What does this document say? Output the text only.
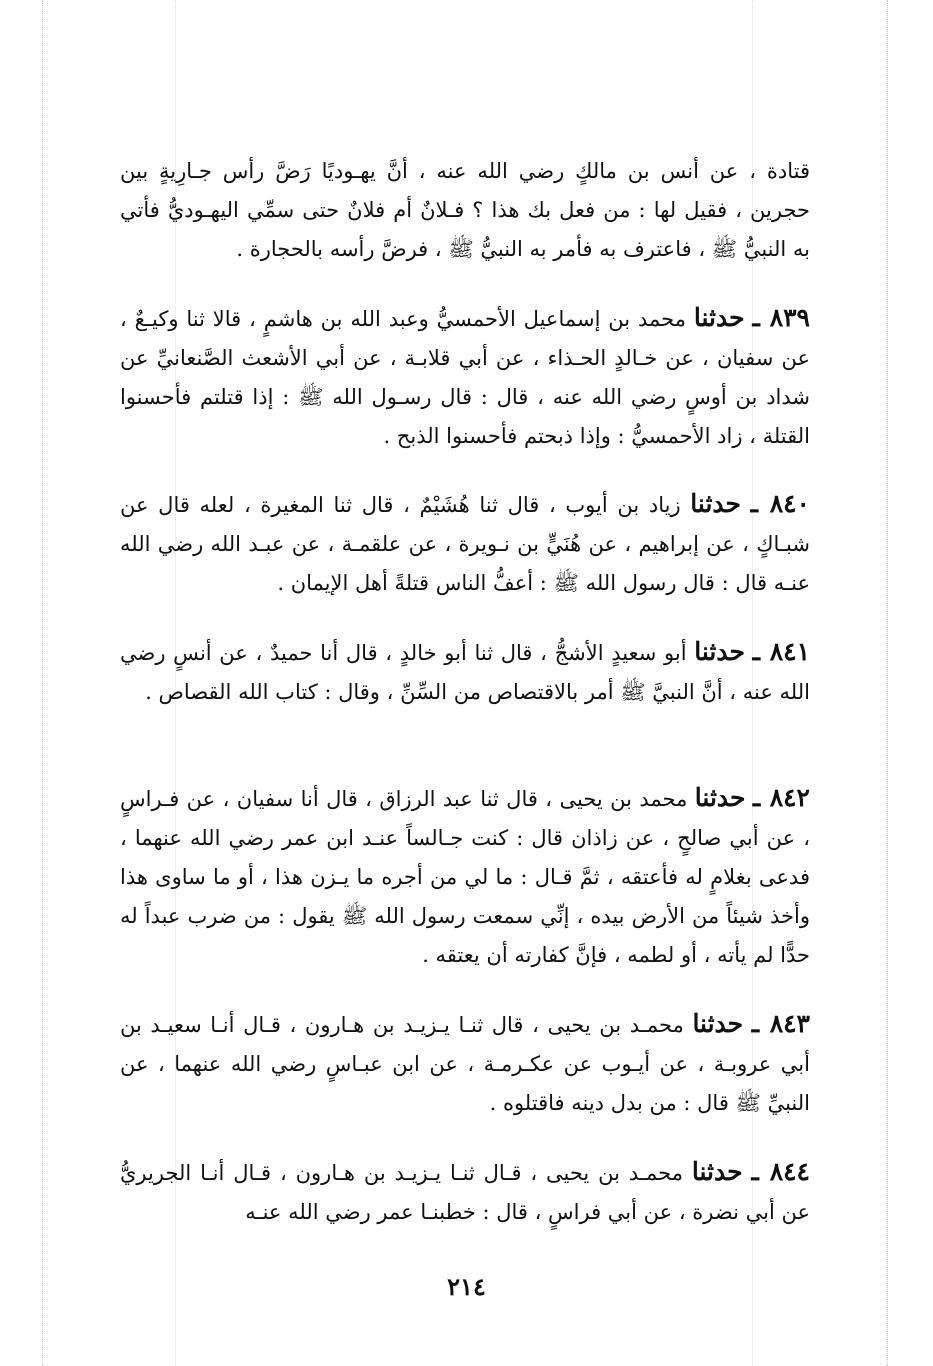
قتادة ، عن أنس بن مالكٍ رضي الله عنه ، أنَّ يهـوديًا رَضَّ رأس جـارِيةٍ بين حجرين ، فقيل لها : من فعل بك هذا ؟ فـلانٌ أم فلانٌ حتى سمِّي اليهـوديُّ فأتي به النبيُّ ﷺ ، فاعترف به فأمر به النبيُّ ﷺ ، فرضَّ رأسه بالحجارة .

٨٣٩ ـ حدثنا محمد بن إسماعيل الأحمسيُّ وعبد الله بن هاشمٍ ، قالا ثنا وكيـعٌ ، عن سفيان ، عن خـالدٍ الحـذاء ، عن أبي قلابـة ، عن أبي الأشعث الصَّنعانيِّ عن شداد بن أوسٍ رضي الله عنه ، قال : قال رسـول الله ﷺ : إذا قتلتم فأحسنوا القتلة ، زاد الأحمسيُّ : وإذا ذبحتم فأحسنوا الذبح .

٨٤٠ ـ حدثنا زياد بن أيوب ، قال ثنا هُشَيْمٌ ، قال ثنا المغيرة ، لعله قال عن شبـاكٍ ، عن إبراهيم ، عن هُنَيٍّ بن نـويرة ، عن علقمـة ، عن عبـد الله رضي الله عنـه قال : قال رسول الله ﷺ : أعفُّ الناس قتلةً أهل الإيمان .

٨٤١ ـ حدثنا أبو سعيدٍ الأشجُّ ، قال ثنا أبو خالدٍ ، قال أنا حميدٌ ، عن أنسٍ رضي الله عنه ، أنَّ النبيَّ ﷺ أمر بالاقتصاص من السِّنِّ ، وقال : كتاب الله القصاص .

٨٤٢ ـ حدثنا محمد بن يحيى ، قال ثنا عبد الرزاق ، قال أنا سفيان ، عن فـراسٍ ، عن أبي صالحٍ ، عن زاذان قال : كنت جـالساً عنـد ابن عمر رضي الله عنهما ، فدعى بغلامٍ له فأعتقه ، ثمَّ قـال : ما لي من أجره ما يـزن هذا ، أو ما ساوى هذا وأخذ شيئاً من الأرض بيده ، إنِّي سمعت رسول الله ﷺ يقول : من ضرب عبداً له حدًّا لم يأته ، أو لطمه ، فإنَّ كفارته أن يعتقه .

٨٤٣ ـ حدثنا محمـد بن يحيى ، قال ثنـا يـزيـد بن هـارون ، قـال أنـا سعيـد بن أبي عروبـة ، عن أيـوب عن عكـرمـة ، عن ابن عبـاسٍ رضي الله عنهما ، عن النبيِّ ﷺ قال : من بدل دينه فاقتلوه .

٨٤٤ ـ حدثنا محمـد بن يحيى ، قـال ثنـا يـزيـد بن هـارون ، قـال أنـا الجريريُّ عن أبي نضرة ، عن أبي فراسٍ ، قال : خطبنـا عمر رضي الله عنـه

٢١٤
